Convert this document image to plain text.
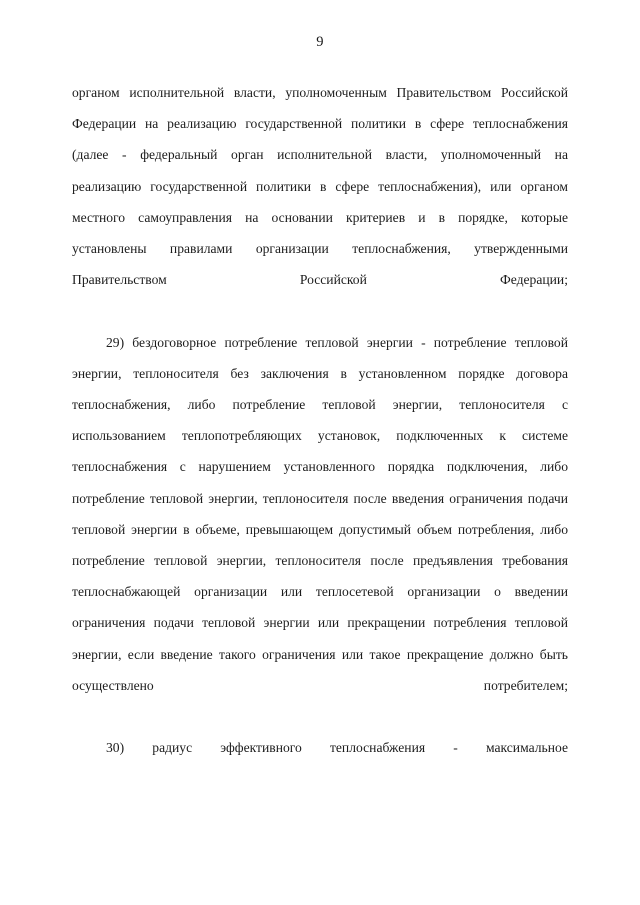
9

органом исполнительной власти, уполномоченным Правительством Российской Федерации на реализацию государственной политики в сфере теплоснабжения (далее - федеральный орган исполнительной власти, уполномоченный на реализацию государственной политики в сфере теплоснабжения), или органом местного самоуправления на основании критериев и в порядке, которые установлены правилами организации теплоснабжения, утвержденными Правительством Российской Федерации;

29) бездоговорное потребление тепловой энергии - потребление тепловой энергии, теплоносителя без заключения в установленном порядке договора теплоснабжения, либо потребление тепловой энергии, теплоносителя с использованием теплопотребляющих установок, подключенных к системе теплоснабжения с нарушением установленного порядка подключения, либо потребление тепловой энергии, теплоносителя после введения ограничения подачи тепловой энергии в объеме, превышающем допустимый объем потребления, либо потребление тепловой энергии, теплоносителя после предъявления требования теплоснабжающей организации или теплосетевой организации о введении ограничения подачи тепловой энергии или прекращении потребления тепловой энергии, если введение такого ограничения или такое прекращение должно быть осуществлено потребителем;

30) радиус эффективного теплоснабжения - максимальное
